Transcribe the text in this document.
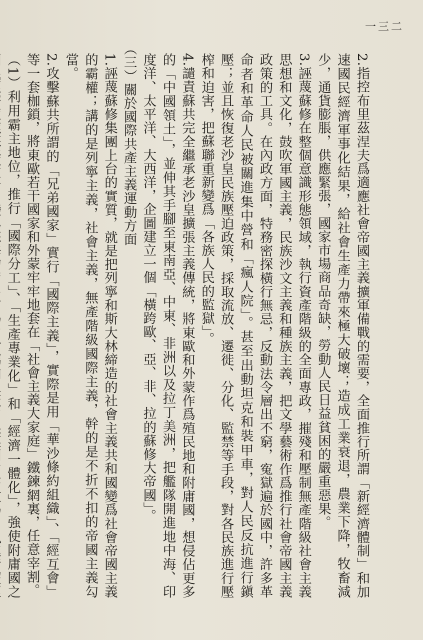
一三二

2.指控布里茲涅夫爲適應社會帝國主義擴軍備戰的需要，全面推行所謂「新經濟體制」和加速國民經濟軍事化結果，給社會生產力帶來極大破壞；造成工業衰退，農業下降，牧畜減少，通貨膨脹，供應緊張，國家市場商品奇缺，勞動人民日益貧困的嚴重惡果。

3.誣蔑蘇修在整個意識形態領域，執行資產階級的全面專政，摧殘和壓制無產階級社會主義思想和文化，鼓吹軍國主義，民族沙文主義和種族主義，把文學藝術作爲推行社會帝國主義政策的工具。在內政方面，特務密探橫行無忌，反動法令層出不窮，寃獄遍於國中，許多革命者和革命人民被關進集中營和「瘋人院」。甚至出動坦克和裝甲車，對人民反抗進行鎭壓；並且恢復老沙皇民族壓迫政策，採取流放、遷徙、分化、監禁等手段，對各民族進行壓榨和迫害，把蘇聯重新變爲「各族人民的監獄」。

4.譴責蘇共完全繼承老沙皇擴張主義傳統，將東歐和外蒙作爲殖民地和附庸國，想侵佔更多的「中國領土」，並伸其手腳至東南亞、中東、非洲以及拉丁美洲，把艦隊開進地中海、印度洋、太平洋、大西洋，企圖建立一個「橫跨歐、亞、非、拉的蘇修大帝國」。

（三）關於國際共產主義運動方面

1.誣蔑蘇修集團上台的實質，就是把列寧和斯大林締造的社會主義共和國變爲社會帝國主義的霸權；講的是列寧主義，社會主義，無產階級國際主義，幹的是不折不扣的帝國主義勾當。

2.攻擊蘇共所謂的「兄弟國家」實行「國際主義」，實際是用「華沙條約組織」、「經互會」等一套枷鎖，將東歐若干國家和外蒙牢牢地套在「社會主義大家庭」鐵鍊網裏，任意宰割。

（1）利用霸主地位，推行「國際分工」、「生產專業化」和「經濟一體化」，強使附庸國之
